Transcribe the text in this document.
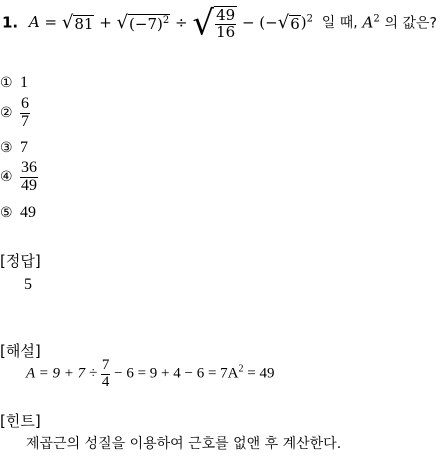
1. $A = √81 + √(-7)^2$ ÷ √ $\frac{49}{16} - (-√6)^2$ 일 때, $A^2$ 의 값은?
① 1
② $\frac{6}{7}$
③ 7
④ $\frac{36}{49}$
⑤ 49
[정답]
5
[해설]
$A = 9 + 7 \div \frac{7}{4} - 6 = 9 + 4 - 6 = 7A^2 = 49$
[힌트]
제곱근의 성질을 이용하여 근호를 없앤 후 계산한다.
